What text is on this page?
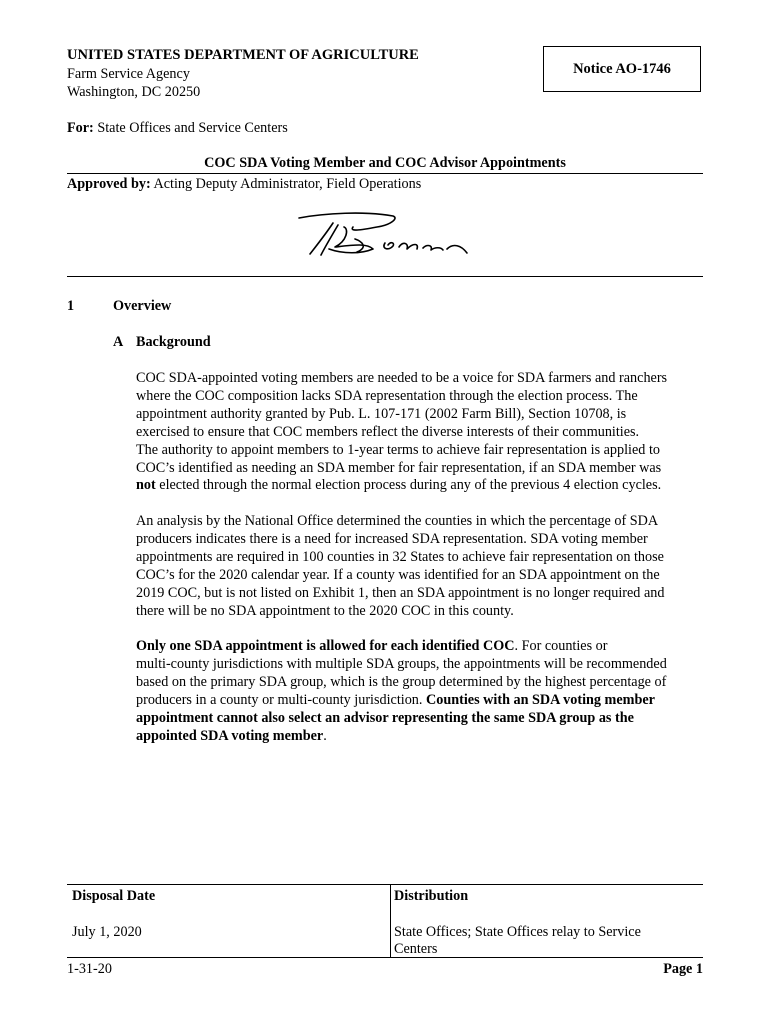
UNITED STATES DEPARTMENT OF AGRICULTURE
Farm Service Agency
Washington, DC 20250
Notice AO-1746
For: State Offices and Service Centers
COC SDA Voting Member and COC Advisor Appointments
Approved by: Acting Deputy Administrator, Field Operations
1	Overview
A Background

COC SDA-appointed voting members are needed to be a voice for SDA farmers and ranchers

where the COC composition lacks SDA representation through the election process. The

appointment authority granted by Pub. L. 107-171 (2002 Farm Bill), Section 10708, is

exercised to ensure that COC members reflect the diverse interests of their communities.

The authority to appoint members to 1-year terms to achieve fair representation is applied to

COC’s identified as needing an SDA member for fair representation, if an SDA member was

not elected through the normal election process during any of the previous 4 election cycles.

An analysis by the National Office determined the counties in which the percentage of SDA

producers indicates there is a need for increased SDA representation. SDA voting member

appointments are required in 100 counties in 32 States to achieve fair representation on those

COC’s for the 2020 calendar year. If a county was identified for an SDA appointment on the

2019 COC, but is not listed on Exhibit 1, then an SDA appointment is no longer required and

there will be no SDA appointment to the 2020 COC in this county.

Only one SDA appointment is allowed for each identified COC. For counties or

multi-county jurisdictions with multiple SDA groups, the appointments will be recommended

based on the primary SDA group, which is the group determined by the highest percentage of

producers in a county or multi-county jurisdiction. Counties with an SDA voting member

appointment cannot also select an advisor representing the same SDA group as the

appointed SDA voting member.

Disposal Date
July 1, 2020
Distribution
State Offices; State Offices relay to Service
Centers
1-31-20	Page 1
